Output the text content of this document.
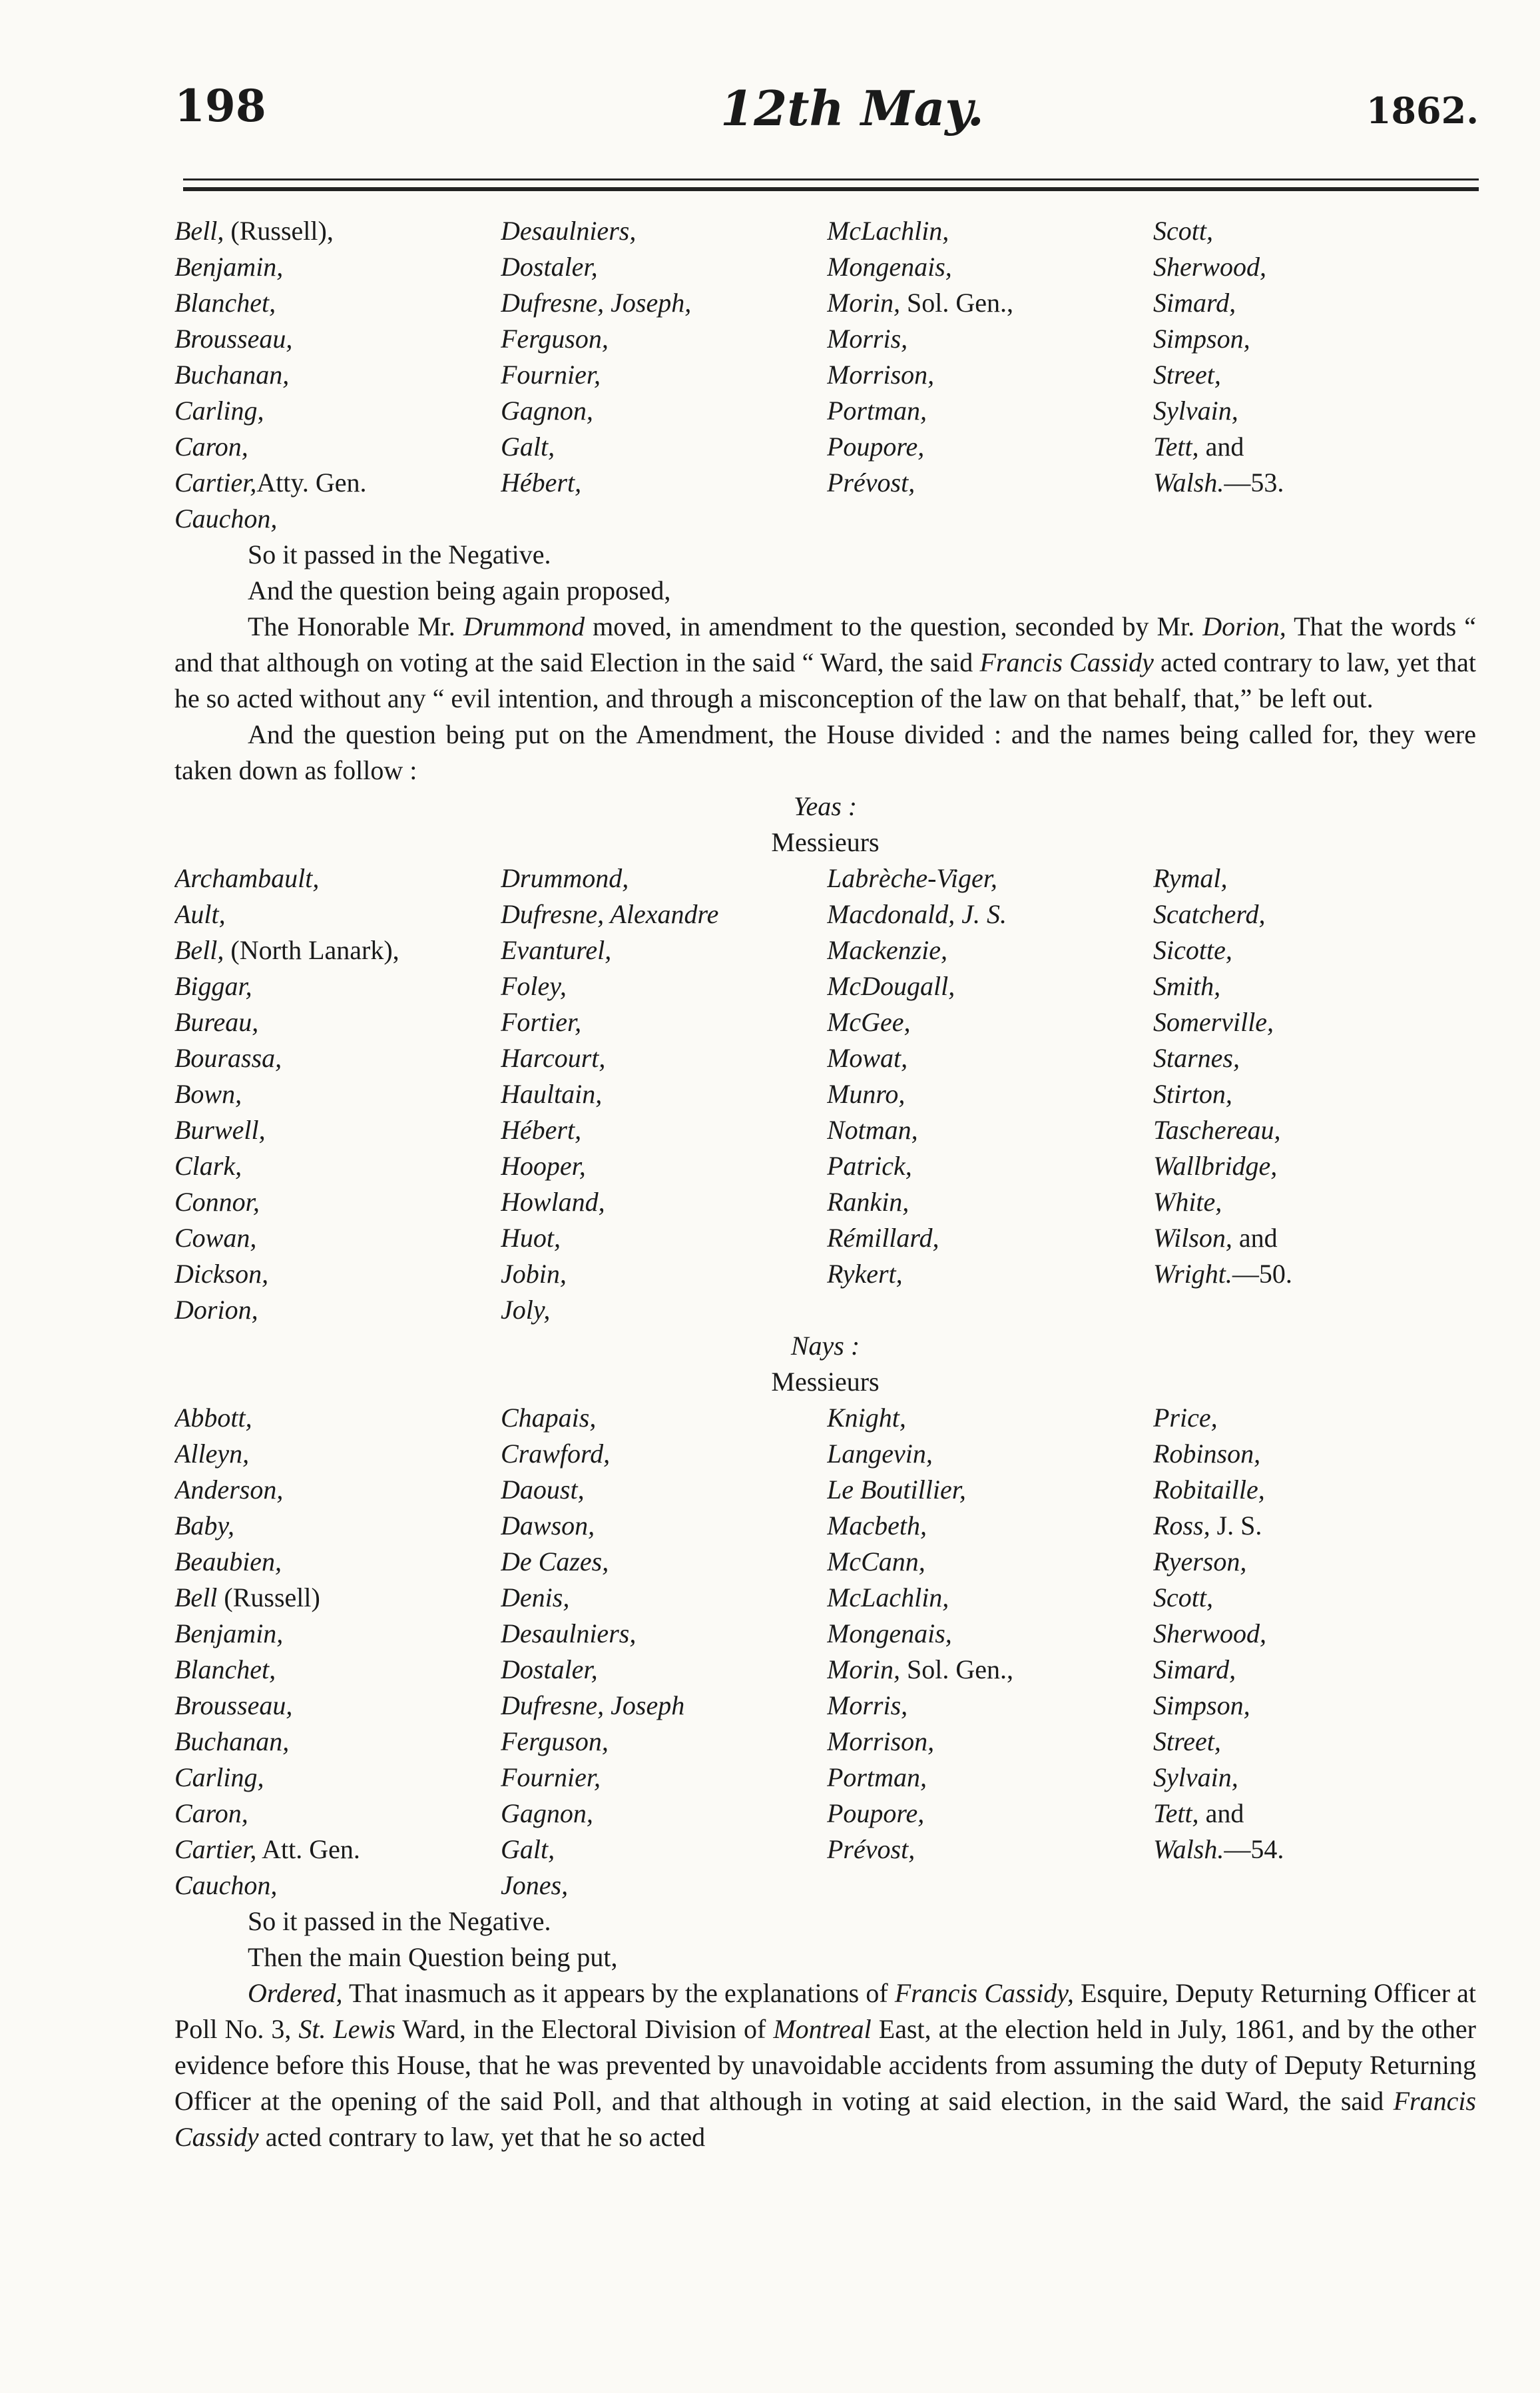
198	12th May.	1862.
Bell, (Russell),	Desaulniers,	McLachlin,	Scott,
Benjamin,	Dostaler,	Mongenais,	Sherwood,
Blanchet,	Dufresne, Joseph,	Morin, Sol. Gen.,	Simard,
Brousseau,	Ferguson,	Morris,	Simpson,
Buchanan,	Fournier,	Morrison,	Street,
Carling,	Gagnon,	Portman,	Sylvain,
Caron,	Galt,	Poupore,	Tett, and
Cartier,Atty. Gen.	Hébert,	Prévost,	Walsh.—53.
Cauchon,

So it passed in the Negative.

And the question being again proposed,

The Honorable Mr. Drummond moved, in amendment to the question, seconded by Mr. Dorion, That the words “ and that although on voting at the said Election in the said “ Ward, the said Francis Cassidy acted contrary to law, yet that he so acted without any “ evil intention, and through a misconception of the law on that behalf, that,” be left out.

And the question being put on the Amendment, the House divided : and the names being called for, they were taken down as follow :

Yeas :
Messieurs
Archambault,	Drummond,	Labrèche-Viger,	Rymal,
Ault,	Dufresne, Alexandre	Macdonald, J. S.	Scatcherd,
Bell, (North Lanark),	Evanturel,	Mackenzie,	Sicotte,
Biggar,	Foley,	McDougall,	Smith,
Bureau,	Fortier,	McGee,	Somerville,
Bourassa,	Harcourt,	Mowat,	Starnes,
Bown,	Haultain,	Munro,	Stirton,
Burwell,	Hébert,	Notman,	Taschereau,
Clark,	Hooper,	Patrick,	Wallbridge,
Connor,	Howland,	Rankin,	White,
Cowan,	Huot,	Rémillard,	Wilson, and
Dickson,	Jobin,	Rykert,	Wright.—50.
Dorion,	Joly,
Nays :
Messieurs
Abbott,	Chapais,	Knight,	Price,
Alleyn,	Crawford,	Langevin,	Robinson,
Anderson,	Daoust,	Le Boutillier,	Robitaille,
Baby,	Dawson,	Macbeth,	Ross, J. S.
Beaubien,	De Cazes,	McCann,	Ryerson,
Bell (Russell)	Denis,	McLachlin,	Scott,
Benjamin,	Desaulniers,	Mongenais,	Sherwood,
Blanchet,	Dostaler,	Morin, Sol. Gen.,	Simard,
Brousseau,	Dufresne, Joseph	Morris,	Simpson,
Buchanan,	Ferguson,	Morrison,	Street,
Carling,	Fournier,	Portman,	Sylvain,
Caron,	Gagnon,	Poupore,	Tett, and
Cartier, Att. Gen.	Galt,	Prévost,	Walsh.—54.
Cauchon,	Jones,

So it passed in the Negative.

Then the main Question being put,

Ordered, That inasmuch as it appears by the explanations of Francis Cassidy, Esquire, Deputy Returning Officer at Poll No. 3, St. Lewis Ward, in the Electoral Division of Montreal East, at the election held in July, 1861, and by the other evidence before this House, that he was prevented by unavoidable accidents from assuming the duty of Deputy Returning Officer at the opening of the said Poll, and that although in voting at said election, in the said Ward, the said Francis Cassidy acted contrary to law, yet that he so acted
